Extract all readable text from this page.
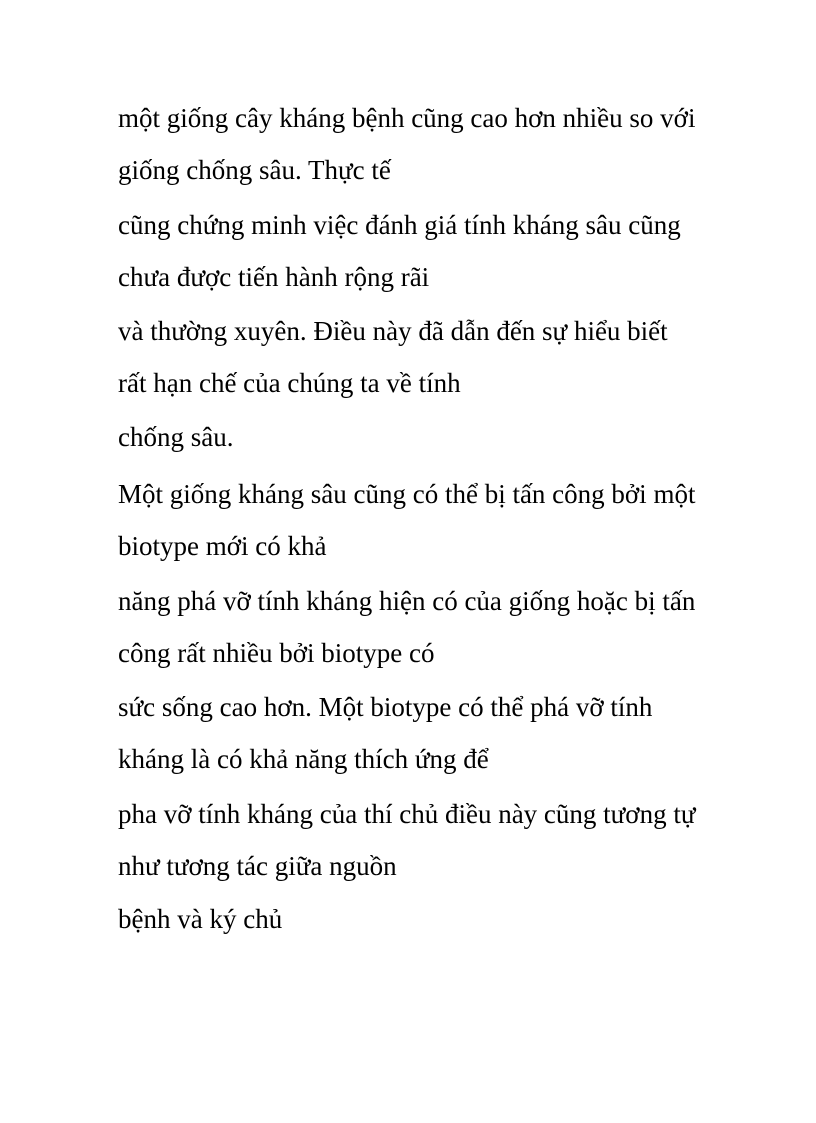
một giống cây kháng bệnh cũng cao hơn nhiều so với
giống chống sâu. Thực tế

cũng chứng minh việc đánh giá tính kháng sâu cũng
chưa được tiến hành rộng rãi

và thường xuyên. Điều này đã dẫn đến sự hiểu biết
rất hạn chế của chúng ta về tính

chống sâu.

Một giống kháng sâu cũng có thể bị tấn công bởi một
biotype mới có khả

năng phá vỡ tính kháng hiện có của giống hoặc bị tấn
công rất nhiều bởi biotype có

sức sống cao hơn. Một biotype có thể phá vỡ tính
kháng là có khả năng thích ứng để

pha vỡ tính kháng của thí chủ điều này cũng tương tự
như tương tác giữa nguồn

bệnh và ký chủ
